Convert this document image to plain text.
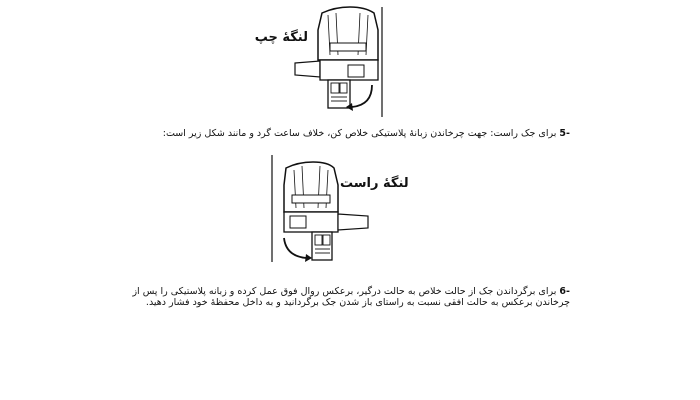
لنگهٔ چپ
-5 برای جک راست: جهت چرخاندن زبانهٔ پلاستیکی خلاص کن، خلاف ساعت گرد و مانند شکل زیر است:
لنگهٔ راست
-6 برای برگرداندن جک از حالت خلاص به حالت درگیر، برعکس روال فوق عمل کرده و زبانه پلاستیکی را پس از
چرخاندن برعکس به حالت افقی نسبت به راستای باز شدن جک برگردانید و به داخل محفظهٔ خود فشار دهید.
